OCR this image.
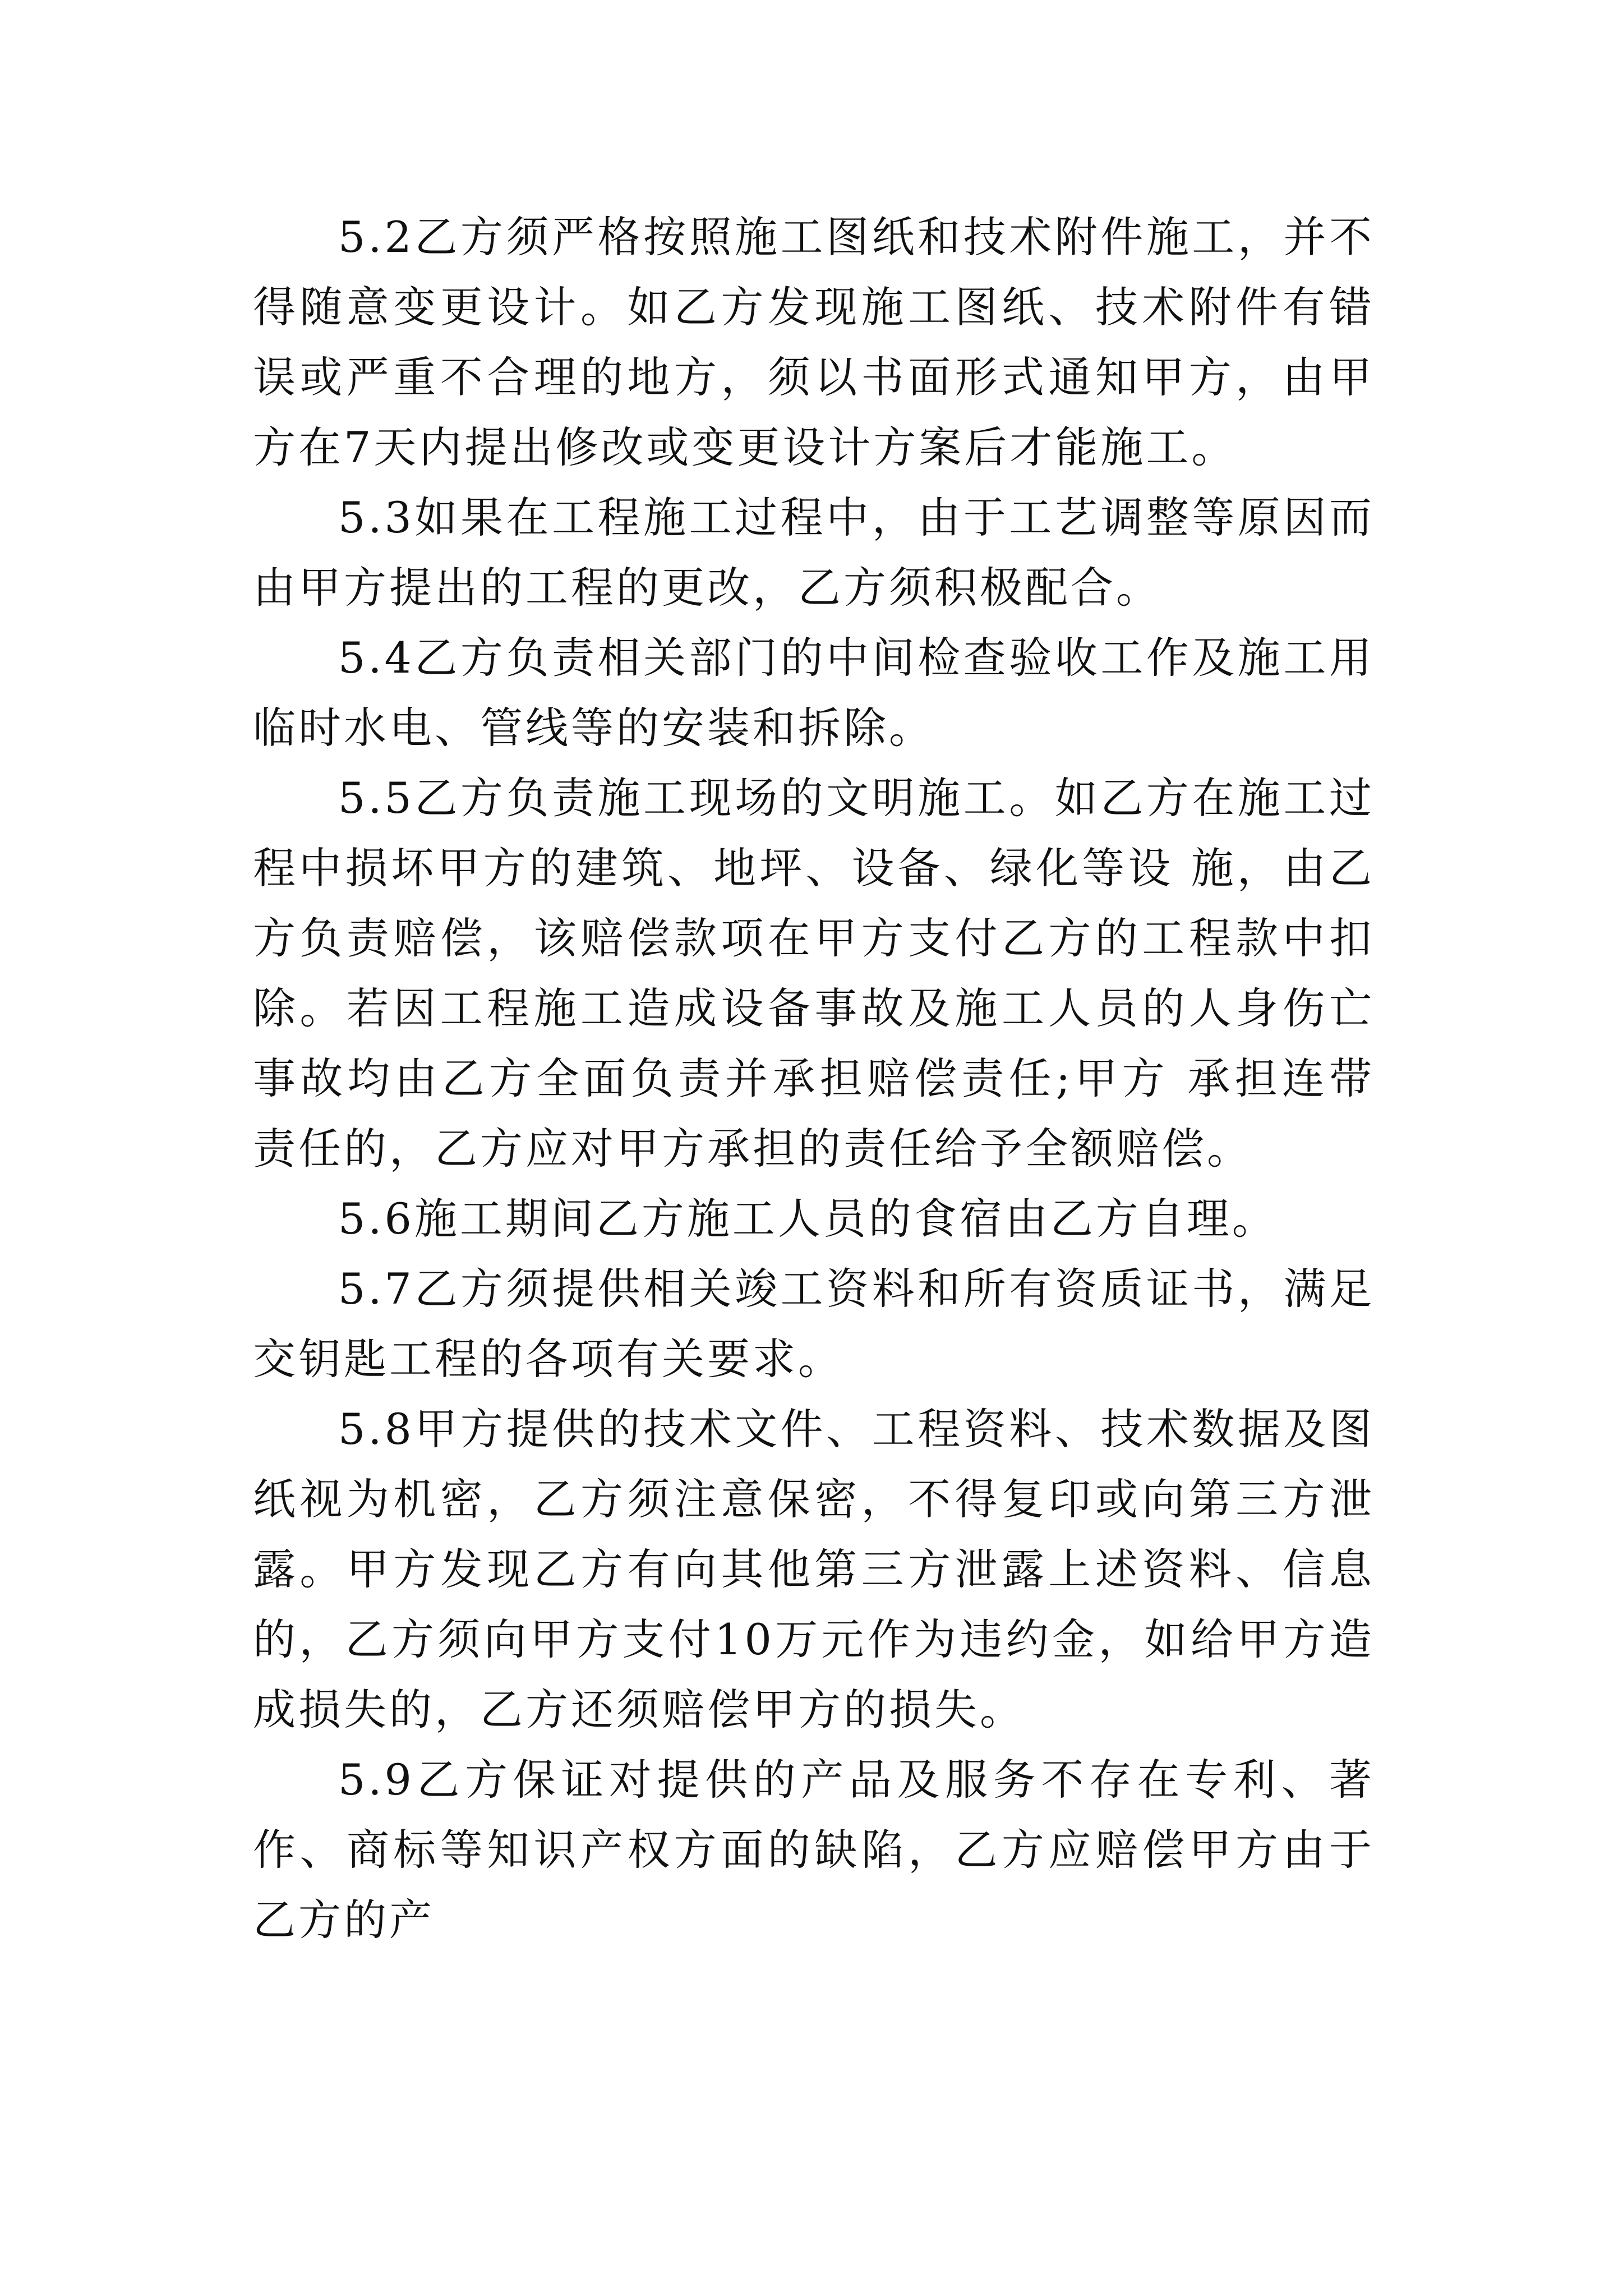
5.2乙方须严格按照施工图纸和技术附件施工，并不得随意变更设计。如乙方发现施工图纸、技术附件有错误或严重不合理的地方，须以书面形式通知甲方，由甲方在7天内提出修改或变更设计方案后才能施工。

5.3如果在工程施工过程中，由于工艺调整等原因而由甲方提出的工程的更改，乙方须积极配合。

5.4乙方负责相关部门的中间检查验收工作及施工用临时水电、管线等的安装和拆除。

5.5乙方负责施工现场的文明施工。如乙方在施工过程中损坏甲方的建筑、地坪、设备、绿化等设 施，由乙方负责赔偿，该赔偿款项在甲方支付乙方的工程款中扣除。若因工程施工造成设备事故及施工人员的人身伤亡事故均由乙方全面负责并承担赔偿责任;甲方 承担连带责任的，乙方应对甲方承担的责任给予全额赔偿。

5.6施工期间乙方施工人员的食宿由乙方自理。

5.7乙方须提供相关竣工资料和所有资质证书，满足交钥匙工程的各项有关要求。

5.8甲方提供的技术文件、工程资料、技术数据及图纸视为机密，乙方须注意保密，不得复印或向第三方泄露。甲方发现乙方有向其他第三方泄露上述资料、信息的，乙方须向甲方支付10万元作为违约金，如给甲方造成损失的，乙方还须赔偿甲方的损失。

5.9乙方保证对提供的产品及服务不存在专利、著作、商标等知识产权方面的缺陷，乙方应赔偿甲方由于乙方的产
